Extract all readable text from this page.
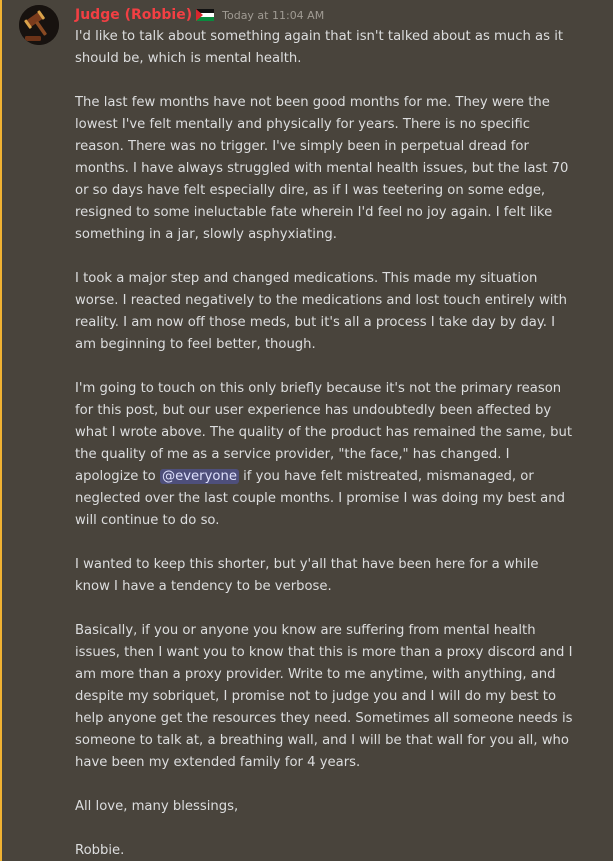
Judge (Robbie)	Today at 11:04 AM

I'd like to talk about something again that isn't talked about as much as it should be, which is mental health.

The last few months have not been good months for me. They were the lowest I've felt mentally and physically for years. There is no specific reason. There was no trigger. I've simply been in perpetual dread for months. I have always struggled with mental health issues, but the last 70 or so days have felt especially dire, as if I was teetering on some edge, resigned to some ineluctable fate wherein I'd feel no joy again. I felt like something in a jar, slowly asphyxiating.

I took a major step and changed medications. This made my situation worse. I reacted negatively to the medications and lost touch entirely with reality. I am now off those meds, but it's all a process I take day by day. I am beginning to feel better, though.

I'm going to touch on this only briefly because it's not the primary reason for this post, but our user experience has undoubtedly been affected by what I wrote above. The quality of the product has remained the same, but the quality of me as a service provider, "the face," has changed. I apologize to @everyone if you have felt mistreated, mismanaged, or neglected over the last couple months. I promise I was doing my best and will continue to do so.

I wanted to keep this shorter, but y'all that have been here for a while know I have a tendency to be verbose.

Basically, if you or anyone you know are suffering from mental health issues, then I want you to know that this is more than a proxy discord and I am more than a proxy provider. Write to me anytime, with anything, and despite my sobriquet, I promise not to judge you and I will do my best to help anyone get the resources they need. Sometimes all someone needs is someone to talk at, a breathing wall, and I will be that wall for you all, who have been my extended family for 4 years.

All love, many blessings,

Robbie.
